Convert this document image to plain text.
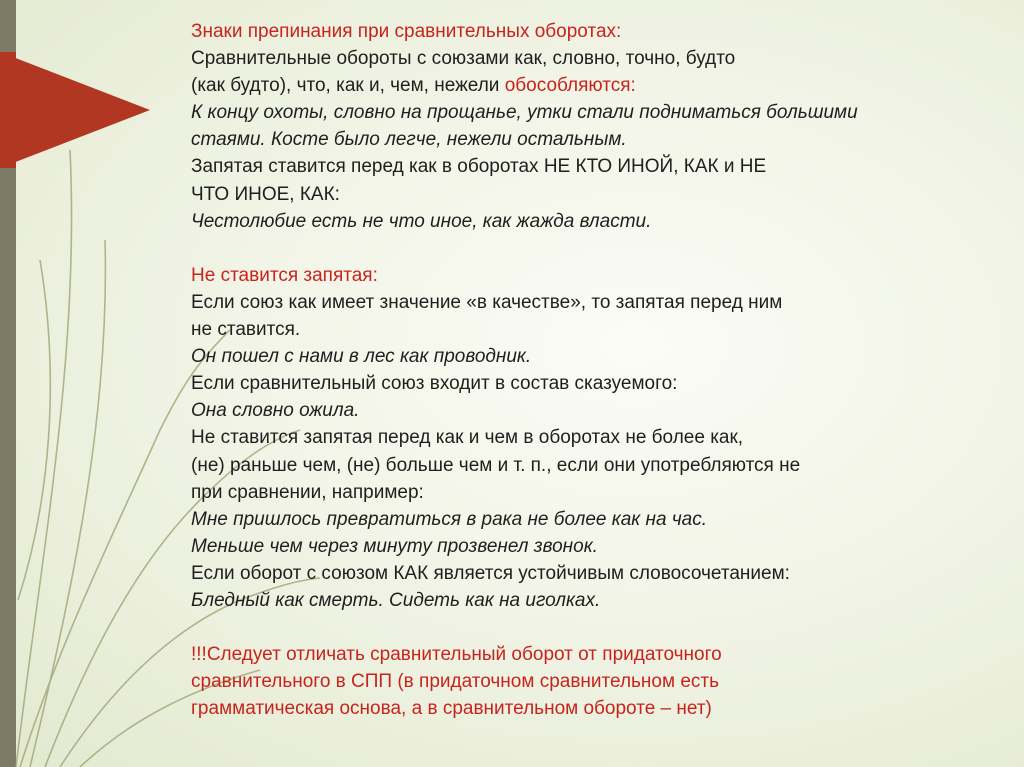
Знаки препинания при сравнительных оборотах:
Сравнительные обороты с союзами как, словно, точно, будто
(как будто), что, как и, чем, нежели обособляются:
К концу охоты, словно на прощанье, утки стали подниматься большими
стаями. Косте было легче, нежели остальным.
Запятая ставится перед как в оборотах НЕ КТО ИНОЙ, КАК и НЕ
ЧТО ИНОЕ, КАК:
Честолюбие есть не что иное, как жажда власти.
Не ставится запятая:
Если союз как имеет значение «в качестве», то запятая перед ним
не ставится.
Он пошел с нами в лес как проводник.
Если сравнительный союз входит в состав сказуемого:
Она словно ожила.
Не ставится запятая перед как и чем в оборотах не более как,
(не) раньше чем, (не) больше чем и т. п., если они употребляются не
при сравнении, например:
Мне пришлось превратиться в рака не более как на час.
Меньше чем через минуту прозвенел звонок.
Если оборот с союзом КАК является устойчивым словосочетанием:
Бледный как смерть. Сидеть как на иголках.
!!!Следует отличать сравнительный оборот от придаточного
сравнительного в СПП (в придаточном сравнительном есть
грамматическая основа, а в сравнительном обороте – нет)
